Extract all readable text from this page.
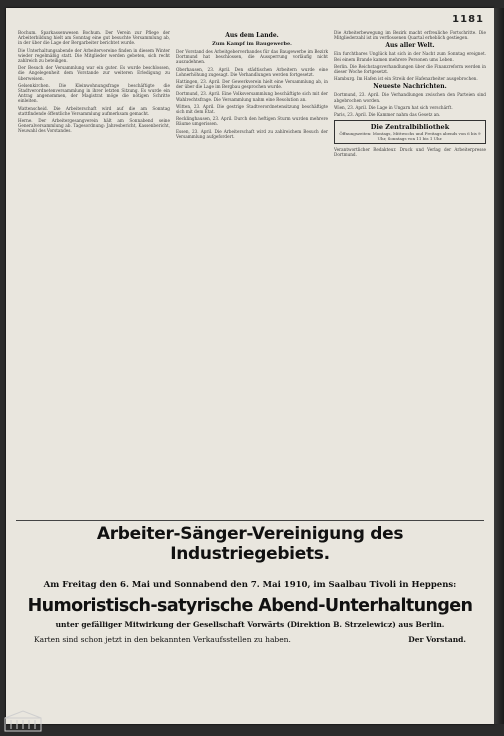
1181

Bochum. Sparkassenwesen Bochum. Der Verein zur Pflege der Arbeiterbildung hielt am Sonntag eine gut besuchte Versammlung ab, in der über die Lage der Bergarbeiter berichtet wurde.

Die Unterhaltungsabende der Arbeitervereine finden in diesem Winter wieder regelmäßig statt. Die Mitglieder werden gebeten, sich recht zahlreich zu beteiligen.

Der Besuch der Versammlung war ein guter. Es wurde beschlossen, die Angelegenheit dem Vorstande zur weiteren Erledigung zu überweisen.

Gelsenkirchen. Die Kleinwohnungsfrage beschäftigte die Stadtverordnetenversammlung in ihrer letzten Sitzung. Es wurde ein Antrag angenommen, der Magistrat möge die nötigen Schritte einleiten.

Wattenscheid. Die Arbeiterschaft wird auf die am Sonntag stattfindende öffentliche Versammlung aufmerksam gemacht.

Herne. Der Arbeitergesangverein hält am Sonnabend seine Generalversammlung ab. Tagesordnung: Jahresbericht, Kassenbericht, Neuwahl des Vorstandes.

Aus dem Lande.
Zum Kampf im Baugewerbe.

Der Vorstand des Arbeitgeberverbandes für das Baugewerbe im Bezirk Dortmund hat beschlossen, die Aussperrung vorläufig nicht auszudehnen.

Oberhausen, 23. April. Den städtischen Arbeitern wurde eine Lohnerhöhung zugesagt. Die Verhandlungen werden fortgesetzt.

Hattingen, 23. April. Der Gewerkverein hielt eine Versammlung ab, in der über die Lage im Bergbau gesprochen wurde.

Dortmund, 23. April. Eine Volksversammlung beschäftigte sich mit der Wahlrechtsfrage. Die Versammlung nahm eine Resolution an.

Witten, 23. April. Die gestrige Stadtverordnetensitzung beschäftigte sich mit dem Etat.

Recklinghausen, 23. April. Durch den heftigen Sturm wurden mehrere Bäume umgerissen.

Essen, 23. April. Die Arbeiterschaft wird zu zahlreichem Besuch der Versammlung aufgefordert.

Die Arbeiterbewegung im Bezirk macht erfreuliche Fortschritte. Die Mitgliederzahl ist im verflossenen Quartal erheblich gestiegen.

Aus aller Welt.

Ein furchtbares Unglück hat sich in der Nacht zum Sonntag ereignet. Bei einem Brande kamen mehrere Personen ums Leben.

Berlin. Die Reichstagsverhandlungen über die Finanzreform werden in dieser Woche fortgesetzt.

Hamburg. Im Hafen ist ein Streik der Hafenarbeiter ausgebrochen.

Neueste Nachrichten.

Dortmund, 23. April. Die Verhandlungen zwischen den Parteien sind abgebrochen worden.

Wien, 23. April. Die Lage in Ungarn hat sich verschärft.

Paris, 23. April. Die Kammer nahm das Gesetz an.

Die Zentralbibliothek
Öffnungszeiten: Montags, Mittwochs und Freitags abends von 6 bis 9 Uhr, Sonntags von 11 bis 1 Uhr.

Verantwortlicher Redakteur. Druck und Verlag der Arbeiterpresse Dortmund.

Arbeiter-Sänger-Vereinigung des Industriegebiets.
Am Freitag den 6. Mai und Sonnabend den 7. Mai 1910, im Saalbau Tivoli in Heppens:
Humoristisch-satyrische Abend-Unterhaltungen
unter gefälliger Mitwirkung der Gesellschaft Vorwärts (Direktion B. Strzelewicz) aus Berlin.
Karten sind schon jetzt in den bekannten Verkaufsstellen zu haben.	Der Vorstand.
